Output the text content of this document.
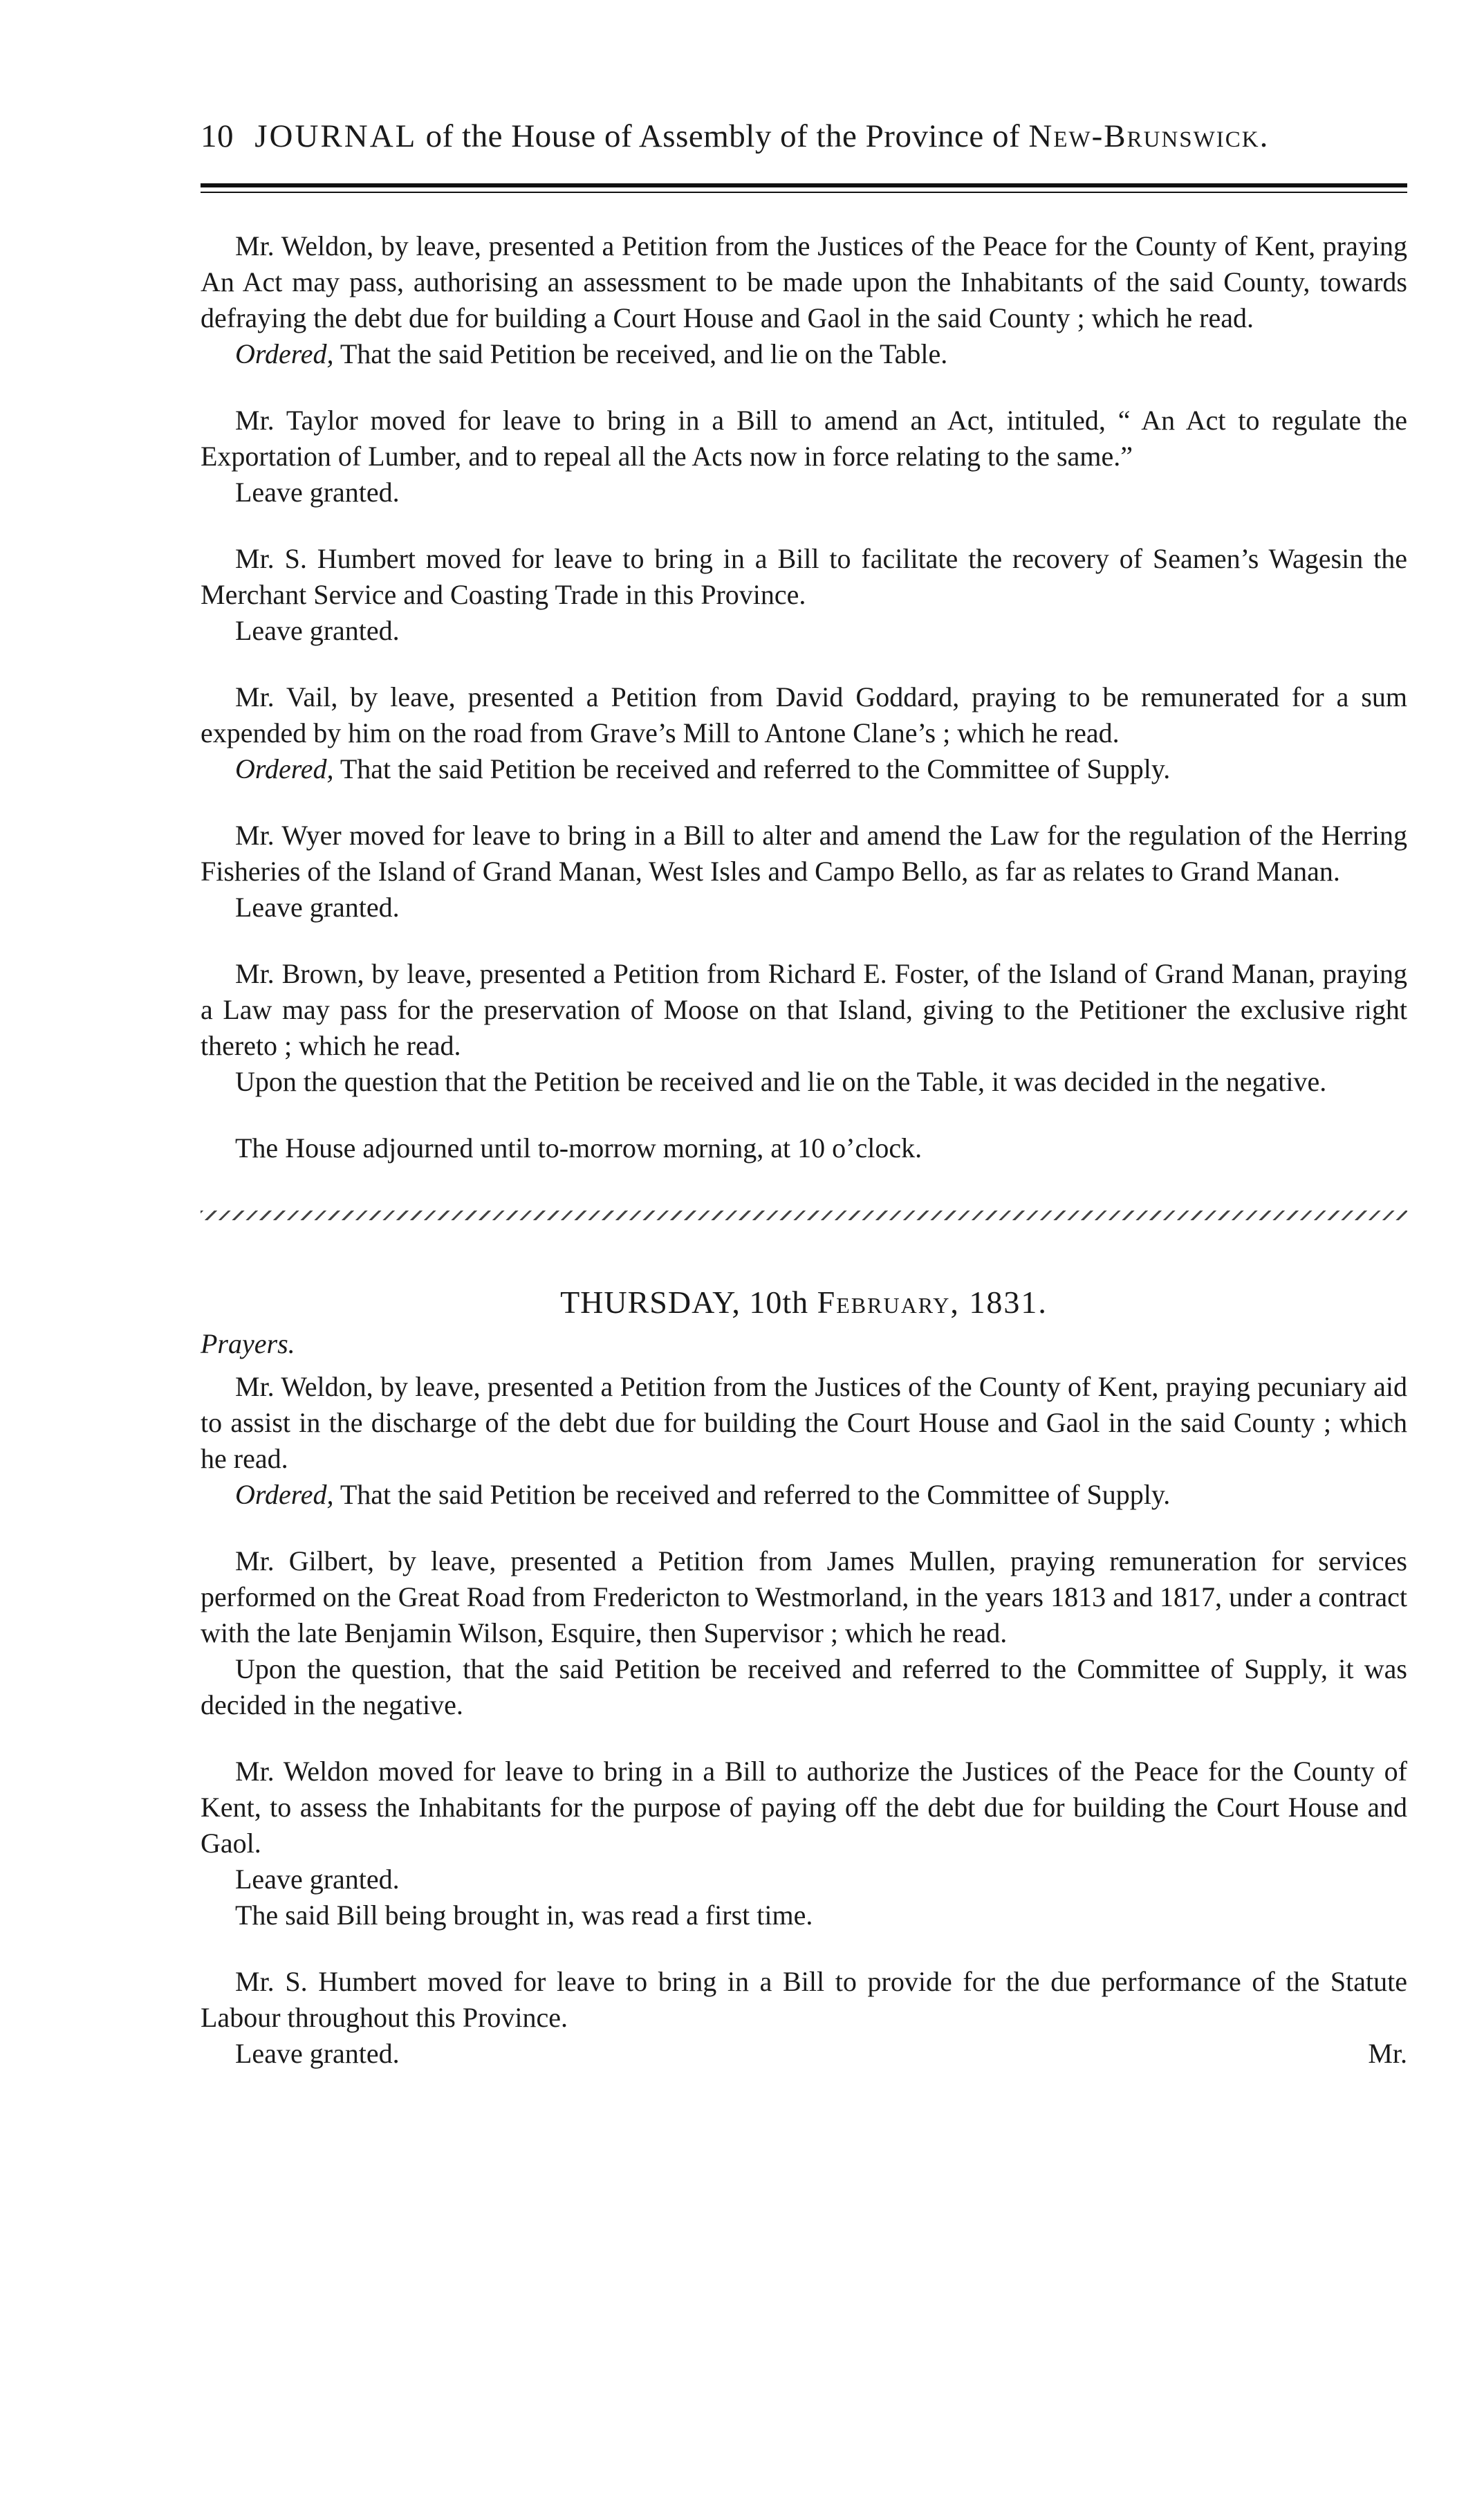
10 JOURNAL of the House of Assembly of the Province of New-Brunswick.

Mr. Weldon, by leave, presented a Petition from the Justices of the Peace for the County of Kent, praying An Act may pass, authorising an assessment to be made upon the Inhabitants of the said County, towards defraying the debt due for building a Court House and Gaol in the said County ; which he read.

Ordered, That the said Petition be received, and lie on the Table.

Mr. Taylor moved for leave to bring in a Bill to amend an Act, intituled, “ An Act to regulate the Exportation of Lumber, and to repeal all the Acts now in force relating to the same.”

Leave granted.

Mr. S. Humbert moved for leave to bring in a Bill to facilitate the recovery of Seamen’s Wagesin the Merchant Service and Coasting Trade in this Province.

Leave granted.

Mr. Vail, by leave, presented a Petition from David Goddard, praying to be remunerated for a sum expended by him on the road from Grave’s Mill to Antone Clane’s ; which he read.

Ordered, That the said Petition be received and referred to the Committee of Supply.

Mr. Wyer moved for leave to bring in a Bill to alter and amend the Law for the regulation of the Herring Fisheries of the Island of Grand Manan, West Isles and Campo Bello, as far as relates to Grand Manan.

Leave granted.

Mr. Brown, by leave, presented a Petition from Richard E. Foster, of the Island of Grand Manan, praying a Law may pass for the preservation of Moose on that Island, giving to the Petitioner the exclusive right thereto ; which he read.

Upon the question that the Petition be received and lie on the Table, it was decided in the negative.

The House adjourned until to-morrow morning, at 10 o’clock.

THURSDAY, 10th February, 1831.

Prayers.

Mr. Weldon, by leave, presented a Petition from the Justices of the County of Kent, praying pecuniary aid to assist in the discharge of the debt due for building the Court House and Gaol in the said County ; which he read.

Ordered, That the said Petition be received and referred to the Committee of Supply.

Mr. Gilbert, by leave, presented a Petition from James Mullen, praying remuneration for services performed on the Great Road from Fredericton to Westmorland, in the years 1813 and 1817, under a contract with the late Benjamin Wilson, Esquire, then Supervisor ; which he read.

Upon the question, that the said Petition be received and referred to the Committee of Supply, it was decided in the negative.

Mr. Weldon moved for leave to bring in a Bill to authorize the Justices of the Peace for the County of Kent, to assess the Inhabitants for the purpose of paying off the debt due for building the Court House and Gaol.

Leave granted.

The said Bill being brought in, was read a first time.

Mr. S. Humbert moved for leave to bring in a Bill to provide for the due performance of the Statute Labour throughout this Province.

Leave granted.	Mr.
